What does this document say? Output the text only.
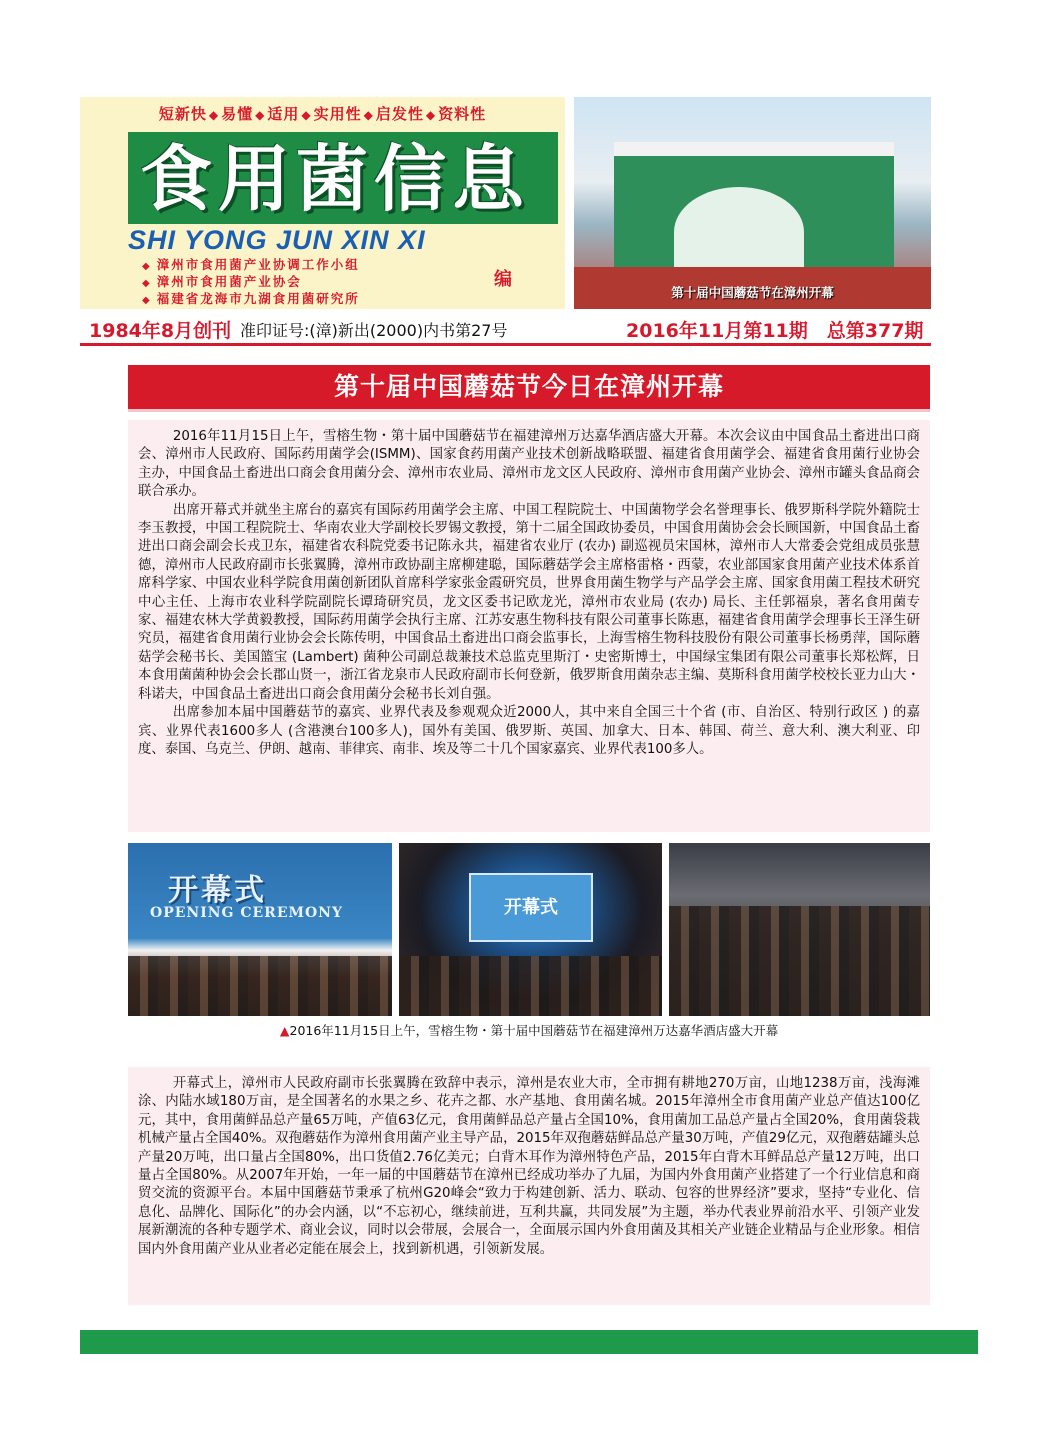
短新快 ◆ 易懂 ◆ 适用 ◆ 实用性 ◆ 启发性 ◆ 资料性
食用菌信息
SHI YONG JUN XIN XI
◆ 漳州市食用菌产业协调工作小组
◆ 漳州市食用菌产业协会
◆ 福建省龙海市九湖食用菌研究所
编
第十届中国蘑菇节在漳州开幕
1984年8月创刊 准印证号:(漳)新出(2000)内书第27号	2016年11月第11期　总第377期
第十届中国蘑菇节今日在漳州开幕

2016年11月15日上午，雪榕生物・第十届中国蘑菇节在福建漳州万达嘉华酒店盛大开幕。本次会议由中国食品土畜进出口商会、漳州市人民政府、国际药用菌学会(ISMM)、国家食药用菌产业技术创新战略联盟、福建省食用菌学会、福建省食用菌行业协会主办，中国食品土畜进出口商会食用菌分会、漳州市农业局、漳州市龙文区人民政府、漳州市食用菌产业协会、漳州市罐头食品商会联合承办。

出席开幕式并就坐主席台的嘉宾有国际药用菌学会主席、中国工程院院士、中国菌物学会名誉理事长、俄罗斯科学院外籍院士李玉教授，中国工程院院士、华南农业大学副校长罗锡文教授，第十二届全国政协委员，中国食用菌协会会长顾国新，中国食品土畜进出口商会副会长戎卫东，福建省农科院党委书记陈永共，福建省农业厅 (农办) 副巡视员宋国林，漳州市人大常委会党组成员张慧德，漳州市人民政府副市长张翼腾，漳州市政协副主席柳建聪，国际蘑菇学会主席格雷格・西蒙，农业部国家食用菌产业技术体系首席科学家、中国农业科学院食用菌创新团队首席科学家张金霞研究员，世界食用菌生物学与产品学会主席、国家食用菌工程技术研究中心主任、上海市农业科学院副院长谭琦研究员，龙文区委书记欧龙光，漳州市农业局 (农办) 局长、主任郭福泉，著名食用菌专家、福建农林大学黄毅教授，国际药用菌学会执行主席、江苏安惠生物科技有限公司董事长陈惠，福建省食用菌学会理事长王泽生研究员，福建省食用菌行业协会会长陈传明，中国食品土畜进出口商会监事长，上海雪榕生物科技股份有限公司董事长杨勇萍，国际蘑菇学会秘书长、美国篮宝 (Lambert) 菌种公司副总裁兼技术总监克里斯汀・史密斯博士，中国绿宝集团有限公司董事长郑松辉，日本食用菌菌种协会会长郡山贤一，浙江省龙泉市人民政府副市长何登新，俄罗斯食用菌杂志主编、莫斯科食用菌学校校长亚力山大・科诺夫，中国食品土畜进出口商会食用菌分会秘书长刘自强。

出席参加本届中国蘑菇节的嘉宾、业界代表及参观观众近2000人，其中来自全国三十个省 (市、自治区、特别行政区 ) 的嘉宾、业界代表1600多人 (含港澳台100多人)，国外有美国、俄罗斯、英国、加拿大、日本、韩国、荷兰、意大利、澳大利亚、印度、泰国、乌克兰、伊朗、越南、菲律宾、南非、埃及等二十几个国家嘉宾、业界代表100多人。

开幕式
OPENING CEREMONY	开幕式
▲2016年11月15日上午，雪榕生物・第十届中国蘑菇节在福建漳州万达嘉华酒店盛大开幕

开幕式上，漳州市人民政府副市长张翼腾在致辞中表示，漳州是农业大市，全市拥有耕地270万亩，山地1238万亩，浅海滩涂、内陆水域180万亩，是全国著名的水果之乡、花卉之都、水产基地、食用菌名城。2015年漳州全市食用菌产业总产值达100亿元，其中，食用菌鲜品总产量65万吨，产值63亿元，食用菌鲜品总产量占全国10%，食用菌加工品总产量占全国20%，食用菌袋栽机械产量占全国40%。双孢蘑菇作为漳州食用菌产业主导产品，2015年双孢蘑菇鲜品总产量30万吨，产值29亿元，双孢蘑菇罐头总产量20万吨，出口量占全国80%，出口货值2.76亿美元；白背木耳作为漳州特色产品，2015年白背木耳鲜品总产量12万吨，出口量占全国80%。从2007年开始，一年一届的中国蘑菇节在漳州已经成功举办了九届，为国内外食用菌产业搭建了一个行业信息和商贸交流的资源平台。本届中国蘑菇节秉承了杭州G20峰会“致力于构建创新、活力、联动、包容的世界经济”要求，坚持“专业化、信息化、品牌化、国际化”的办会内涵，以“不忘初心，继续前进，互利共赢，共同发展”为主题，举办代表业界前沿水平、引领产业发展新潮流的各种专题学术、商业会议，同时以会带展，会展合一，全面展示国内外食用菌及其相关产业链企业精品与企业形象。相信国内外食用菌产业从业者必定能在展会上，找到新机遇，引领新发展。
